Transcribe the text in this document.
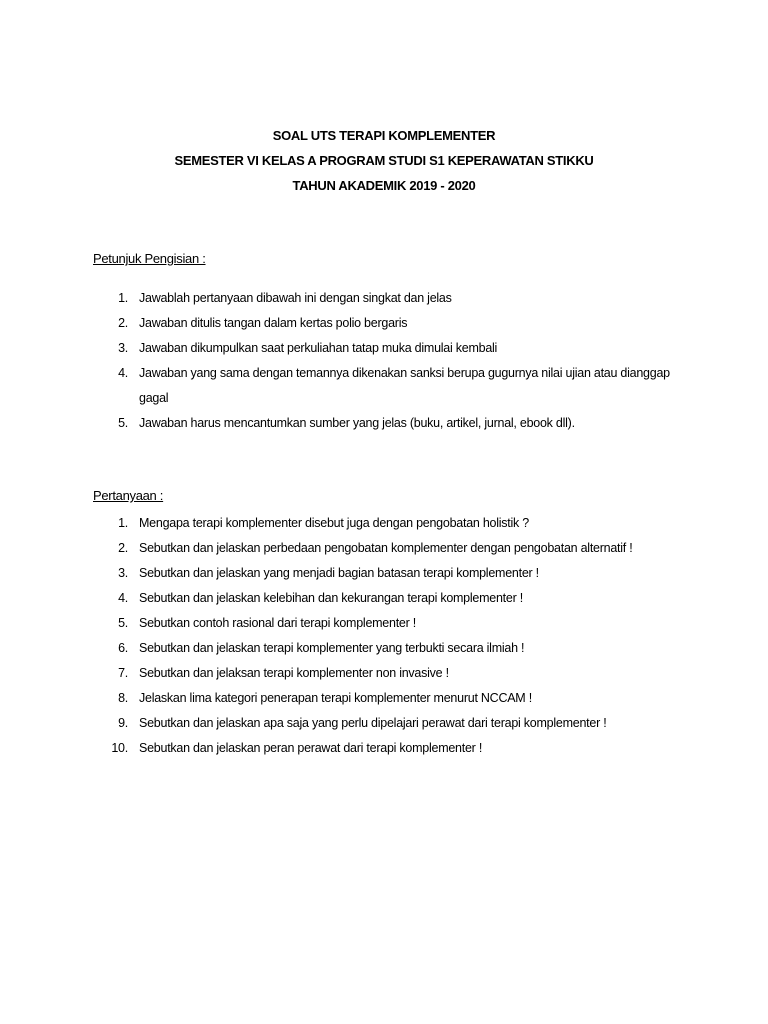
SOAL UTS TERAPI KOMPLEMENTER
SEMESTER VI KELAS A PROGRAM STUDI S1 KEPERAWATAN STIKKU
TAHUN AKADEMIK 2019 - 2020
Petunjuk Pengisian :
1. Jawablah pertanyaan dibawah ini dengan singkat dan jelas
2. Jawaban ditulis tangan dalam kertas polio bergaris
3. Jawaban dikumpulkan saat perkuliahan tatap muka dimulai kembali
4. Jawaban yang sama dengan temannya dikenakan sanksi berupa gugurnya nilai ujian atau dianggap gagal
5. Jawaban harus mencantumkan sumber yang jelas (buku, artikel, jurnal, ebook dll).
Pertanyaan :
1. Mengapa terapi komplementer disebut juga dengan pengobatan holistik ?
2. Sebutkan dan jelaskan perbedaan pengobatan komplementer dengan pengobatan alternatif !
3. Sebutkan dan jelaskan yang menjadi bagian batasan terapi komplementer !
4. Sebutkan dan jelaskan kelebihan dan kekurangan terapi komplementer !
5. Sebutkan contoh rasional dari terapi komplementer !
6. Sebutkan dan jelaskan terapi komplementer yang terbukti secara ilmiah !
7. Sebutkan dan jelaksan terapi komplementer non invasive !
8. Jelaskan lima kategori penerapan terapi komplementer menurut NCCAM !
9. Sebutkan dan jelaskan apa saja yang perlu dipelajari perawat dari terapi komplementer !
10. Sebutkan dan jelaskan peran perawat dari terapi komplementer !
